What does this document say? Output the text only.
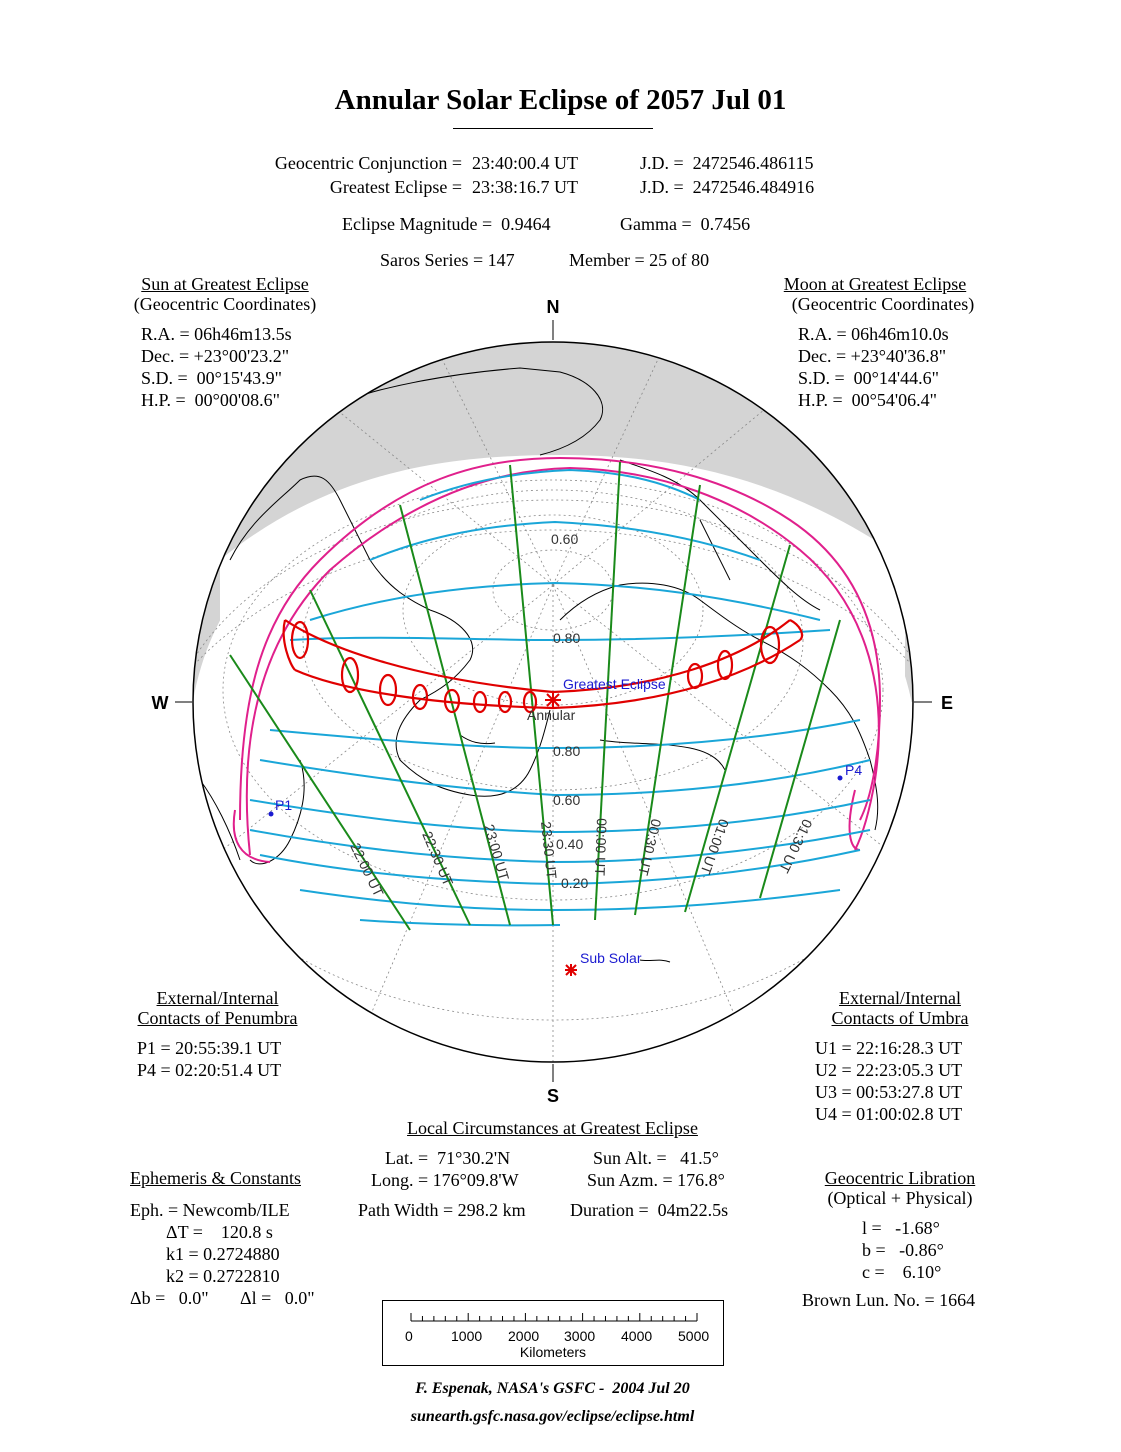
Annular Solar Eclipse of 2057 Jul 01
Geocentric Conjunction = 23:40:00.4 UT	J.D. =  2472546.486115
Greatest Eclipse = 23:38:16.7 UT	J.D. =  2472546.484916
Eclipse Magnitude =  0.9464	Gamma =  0.7456
Saros Series = 147	Member = 25 of 80
Sun at Greatest Eclipse
(Geocentric Coordinates)
R.A. = 06h46m13.5s
Dec. = +23°00'23.2"
S.D. =  00°15'43.9"
H.P. =  00°00'08.6"
Moon at Greatest Eclipse
(Geocentric Coordinates)
R.A. = 06h46m10.0s
Dec. = +23°40'36.8"
S.D. =  00°14'44.6"
H.P. =  00°54'06.4"
N
S
W	E
Greatest Eclipse
Annular
Sub Solar
P1
P4
0.60
0.80
0.80
0.60
0.40
0.20
22:00 UT 22:30 UT 23:00 UT 23:30 UT 00:00 UT 00:30 UT 01:00 UT	01:30 UT
External/Internal
Contacts of Penumbra
P1 = 20:55:39.1 UT
P4 = 02:20:51.4 UT
External/Internal
Contacts of Umbra
U1 = 22:16:28.3 UT
U2 = 22:23:05.3 UT
U3 = 00:53:27.8 UT
U4 = 01:00:02.8 UT
Local Circumstances at Greatest Eclipse
Lat. =  71°30.2'N
Long. = 176°09.8'W
Sun Alt. =   41.5°
Sun Azm. = 176.8°
Path Width = 298.2 km Duration =  04m22.5s
Ephemeris & Constants
Eph. = Newcomb/ILE
ΔT =    120.8 s
k1 = 0.2724880
k2 = 0.2722810
Δb =   0.0" Δl =   0.0"
Geocentric Libration
(Optical + Physical)
l =   -1.68°
b =   -0.86°
c =    6.10°
Brown Lun. No. = 1664
0	1000 2000 3000 4000 5000
Kilometers
F. Espenak, NASA's GSFC -  2004 Jul 20
sunearth.gsfc.nasa.gov/eclipse/eclipse.html
